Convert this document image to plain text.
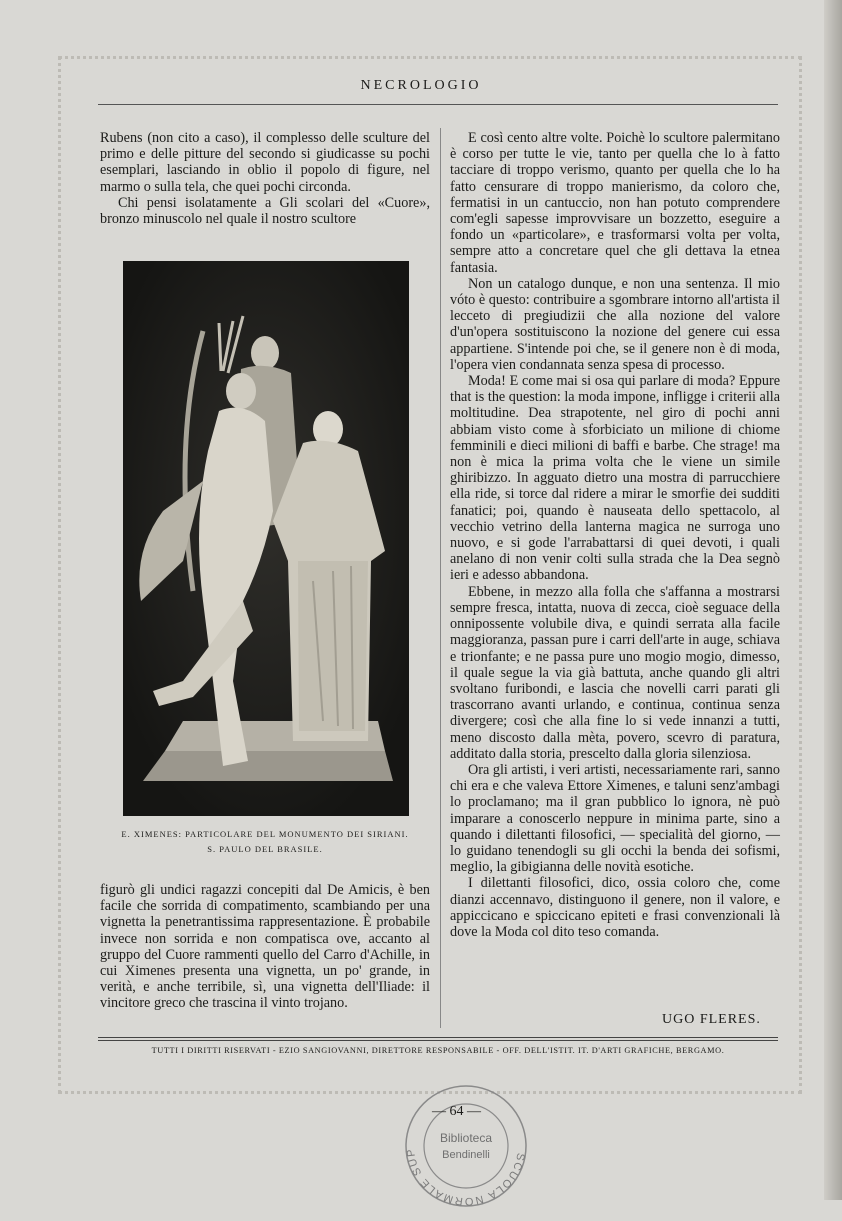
NECROLOGIO

Rubens (non cito a caso), il complesso delle sculture del primo e delle pitture del secondo si giudicasse su pochi esemplari, lasciando in oblio il popolo di figure, nel marmo o sulla tela, che quei pochi circonda.

Chi pensi isolatamente a Gli scolari del «Cuore», bronzo minuscolo nel quale il nostro scultore

E. XIMENES: PARTICOLARE DEL MONUMENTO DEI SIRIANI.
S. PAULO DEL BRASILE.

figurò gli undici ragazzi concepiti dal De Amicis, è ben facile che sorrida di compatimento, scambiando per una vignetta la penetrantissima rappresentazione. È probabile invece non sorrida e non compatisca ove, accanto al gruppo del Cuore rammenti quello del Carro d'Achille, in cui Ximenes presenta una vignetta, un po' grande, in verità, e anche terribile, sì, una vignetta dell'Iliade: il vincitore greco che trascina il vinto trojano.

E così cento altre volte. Poichè lo scultore palermitano è corso per tutte le vie, tanto per quella che lo à fatto tacciare di troppo verismo, quanto per quella che lo ha fatto censurare di troppo manierismo, da coloro che, fermatisi in un cantuccio, non han potuto comprendere com'egli sapesse improvvisare un bozzetto, eseguire a fondo un «particolare», e trasformarsi volta per volta, sempre atto a concretare quel che gli dettava la etnea fantasia.

Non un catalogo dunque, e non una sentenza. Il mio vóto è questo: contribuire a sgombrare intorno all'artista il lecceto di pregiudizii che alla nozione del valore d'un'opera sostituiscono la nozione del genere cui essa appartiene. S'intende poi che, se il genere non è di moda, l'opera vien condannata senza spesa di processo.

Moda! E come mai si osa qui parlare di moda? Eppure that is the question: la moda impone, infligge i criterii alla moltitudine. Dea strapotente, nel giro di pochi anni abbiam visto come à sforbiciato un milione di chiome femminili e dieci milioni di baffi e barbe. Che strage! ma non è mica la prima volta che le viene un simile ghiribizzo. In agguato dietro una mostra di parrucchiere ella ride, si torce dal ridere a mirar le smorfie dei sudditi fanatici; poi, quando è nauseata dello spettacolo, al vecchio vetrino della lanterna magica ne surroga uno nuovo, e si gode l'arrabattarsi di quei devoti, i quali anelano di non venir colti sulla strada che la Dea segnò ieri e adesso abbandona.

Ebbene, in mezzo alla folla che s'affanna a mostrarsi sempre fresca, intatta, nuova di zecca, cioè seguace della onnipossente volubile diva, e quindi serrata alla facile maggioranza, passan pure i carri dell'arte in auge, schiava e trionfante; e ne passa pure uno mogio mogio, dimesso, il quale segue la via già battuta, anche quando gli altri svoltano furibondi, e lascia che novelli carri parati gli trascorrano avanti urlando, e continua, continua senza divergere; così che alla fine lo si vede innanzi a tutti, meno discosto dalla mèta, povero, scevro di paratura, additato dalla storia, prescelto dalla gloria silenziosa.

Ora gli artisti, i veri artisti, necessariamente rari, sanno chi era e che valeva Ettore Ximenes, e taluni senz'ambagi lo proclamano; ma il gran pubblico lo ignora, nè può imparare a conoscerlo neppure in minima parte, sino a quando i dilettanti filosofici, — specialità del giorno, — lo guidano tenendogli su gli occhi la benda dei sofismi, meglio, la gibigianna delle novità esotiche.

I dilettanti filosofici, dico, ossia coloro che, come dianzi accennavo, distinguono il genere, non il valore, e appiccicano e spiccicano epiteti e frasi convenzionali là dove la Moda col dito teso comanda.

UGO FLERES.
TUTTI I DIRITTI RISERVATI - EZIO SANGIOVANNI, DIRETTORE RESPONSABILE - OFF. DELL'ISTIT. IT. D'ARTI GRAFICHE, BERGAMO.
SCUOLA NORMALE SUP
Biblioteca
Bendinelli
— 64 —
